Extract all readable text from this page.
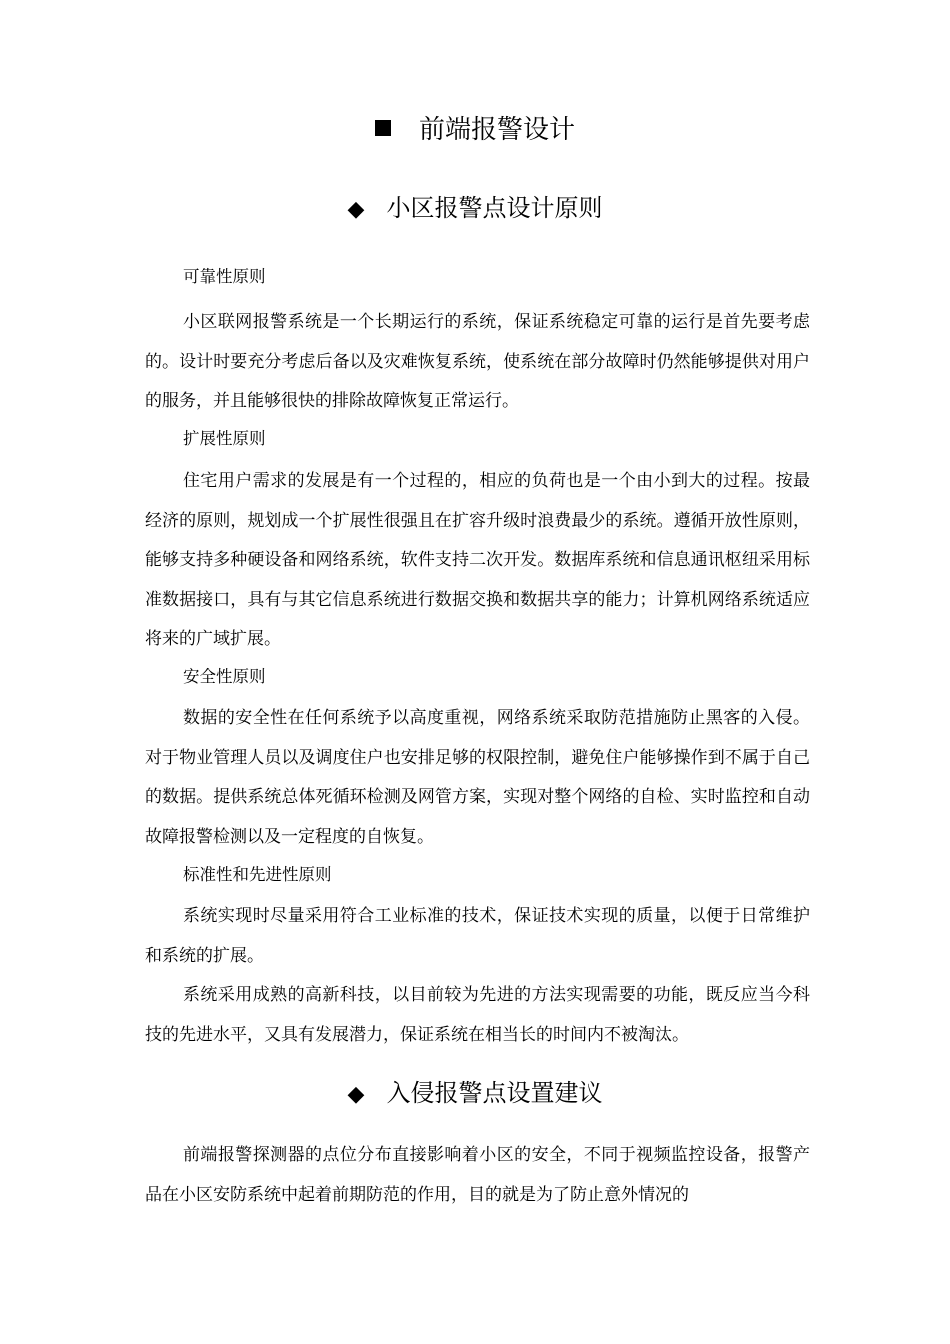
前端报警设计
◆ 小区报警点设计原则
可靠性原则
小区联网报警系统是一个长期运行的系统，保证系统稳定可靠的运行是首先要考虑的。设计时要充分考虑后备以及灾难恢复系统，使系统在部分故障时仍然能够提供对用户的服务，并且能够很快的排除故障恢复正常运行。
扩展性原则
住宅用户需求的发展是有一个过程的，相应的负荷也是一个由小到大的过程。按最经济的原则，规划成一个扩展性很强且在扩容升级时浪费最少的系统。遵循开放性原则，能够支持多种硬设备和网络系统，软件支持二次开发。数据库系统和信息通讯枢纽采用标准数据接口，具有与其它信息系统进行数据交换和数据共享的能力；计算机网络系统适应将来的广域扩展。
安全性原则
数据的安全性在任何系统予以高度重视，网络系统采取防范措施防止黑客的入侵。对于物业管理人员以及调度住户也安排足够的权限控制，避免住户能够操作到不属于自己的数据。提供系统总体死循环检测及网管方案，实现对整个网络的自检、实时监控和自动故障报警检测以及一定程度的自恢复。
标准性和先进性原则
系统实现时尽量采用符合工业标准的技术，保证技术实现的质量，以便于日常维护和系统的扩展。
系统采用成熟的高新科技，以目前较为先进的方法实现需要的功能，既反应当今科技的先进水平，又具有发展潜力，保证系统在相当长的时间内不被淘汰。
◆ 入侵报警点设置建议
前端报警探测器的点位分布直接影响着小区的安全，不同于视频监控设备，报警产品在小区安防系统中起着前期防范的作用，目的就是为了防止意外情况的
